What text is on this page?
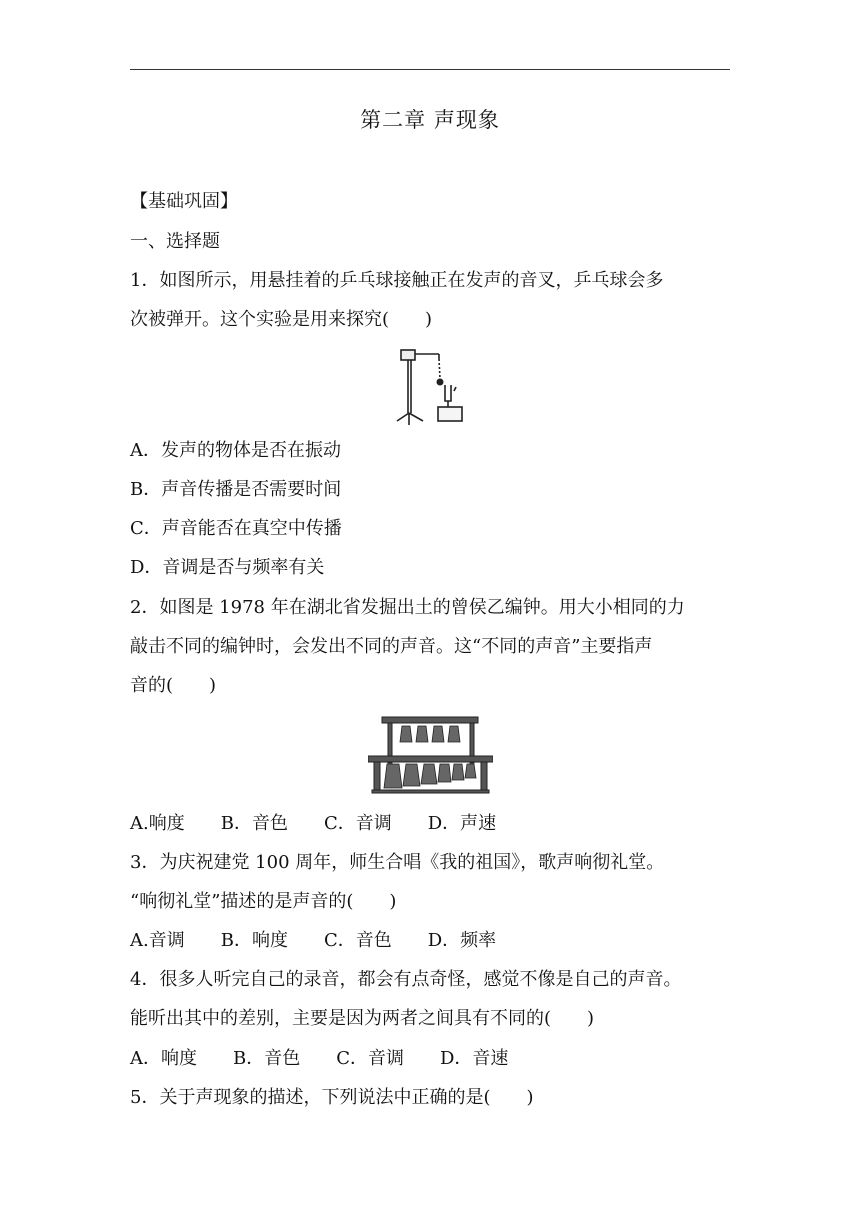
第二章 声现象
【基础巩固】
一、选择题
1．如图所示，用悬挂着的乒乓球接触正在发声的音叉，乒乓球会多
次被弹开。这个实验是用来探究(　　)
A．发声的物体是否在振动
B．声音传播是否需要时间
C．声音能否在真空中传播
D．音调是否与频率有关
2．如图是 1978 年在湖北省发掘出土的曾侯乙编钟。用大小相同的力
敲击不同的编钟时，会发出不同的声音。这“不同的声音”主要指声
音的(　　)
A.响度　　B．音色　　C．音调　　D．声速
3．为庆祝建党 100 周年，师生合唱《我的祖国》，歌声响彻礼堂。
“响彻礼堂”描述的是声音的(　　)
A.音调　　B．响度　　C．音色　　D．频率
4．很多人听完自己的录音，都会有点奇怪，感觉不像是自己的声音。
能听出其中的差别，主要是因为两者之间具有不同的(　　)
A．响度　　B．音色　　C．音调　　D．音速
5．关于声现象的描述，下列说法中正确的是(　　)
